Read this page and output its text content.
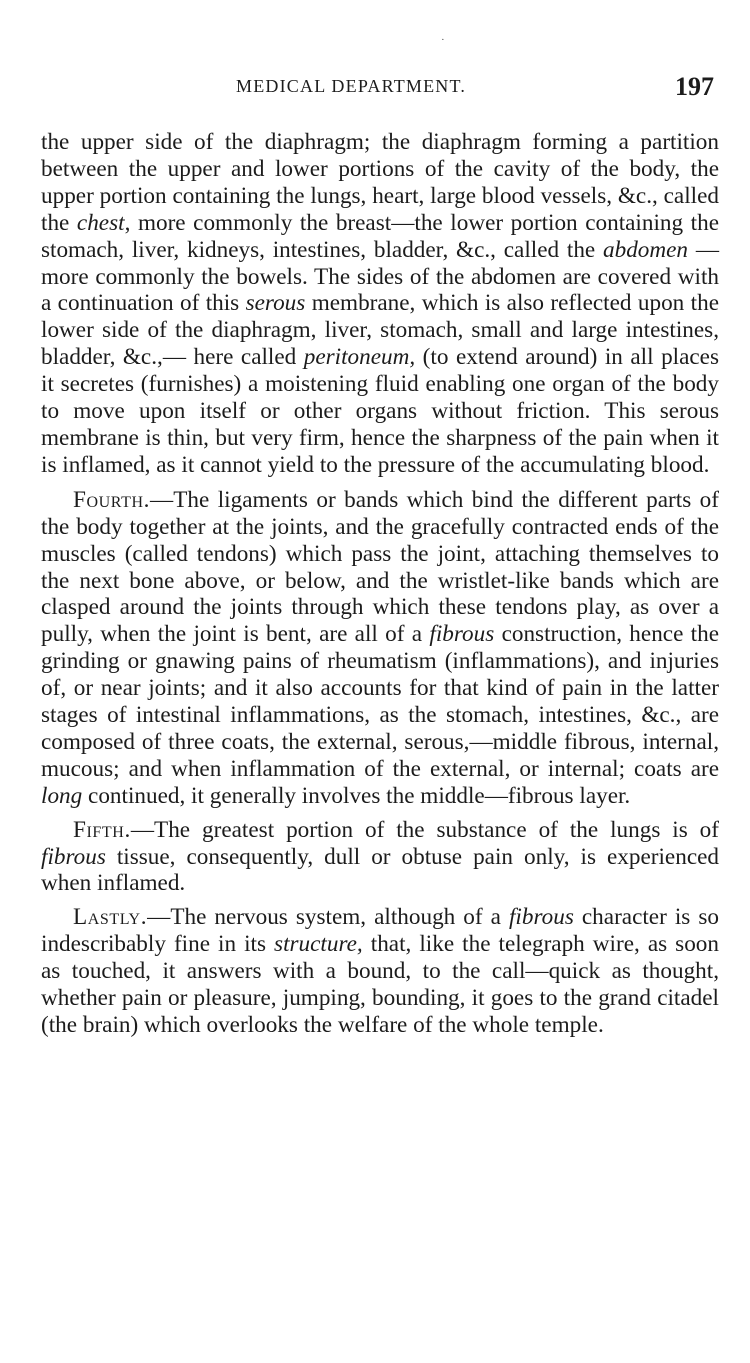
·
MEDICAL DEPARTMENT.	197

the upper side of the diaphragm; the diaphragm forming a partition between the upper and lower portions of the cavity of the body, the upper portion containing the lungs, heart, large blood vessels, &c., called the chest, more commonly the breast—the lower portion containing the stomach, liver, kidneys, intestines, bladder, &c., called the abdomen —more commonly the bowels. The sides of the abdomen are covered with a continuation of this serous membrane, which is also reflected upon the lower side of the diaphragm, liver, stomach, small and large intestines, bladder, &c.,— here called peritoneum, (to extend around) in all places it secretes (furnishes) a moistening fluid enabling one organ of the body to move upon itself or other organs without friction. This serous membrane is thin, but very firm, hence the sharpness of the pain when it is inflamed, as it cannot yield to the pressure of the accumulating blood.

Fourth.—The ligaments or bands which bind the different parts of the body together at the joints, and the gracefully contracted ends of the muscles (called tendons) which pass the joint, attaching themselves to the next bone above, or below, and the wristlet-like bands which are clasped around the joints through which these tendons play, as over a pully, when the joint is bent, are all of a fibrous construction, hence the grinding or gnawing pains of rheumatism (inflammations), and injuries of, or near joints; and it also accounts for that kind of pain in the latter stages of intestinal inflammations, as the stomach, intestines, &c., are composed of three coats, the external, serous,—middle fibrous, internal, mucous; and when inflammation of the external, or internal; coats are long continued, it generally involves the middle—fibrous layer.

Fifth.—The greatest portion of the substance of the lungs is of fibrous tissue, consequently, dull or obtuse pain only, is experienced when inflamed.

Lastly.—The nervous system, although of a fibrous character is so indescribably fine in its structure, that, like the telegraph wire, as soon as touched, it answers with a bound, to the call—quick as thought, whether pain or pleasure, jumping, bounding, it goes to the grand citadel (the brain) which overlooks the welfare of the whole temple.
